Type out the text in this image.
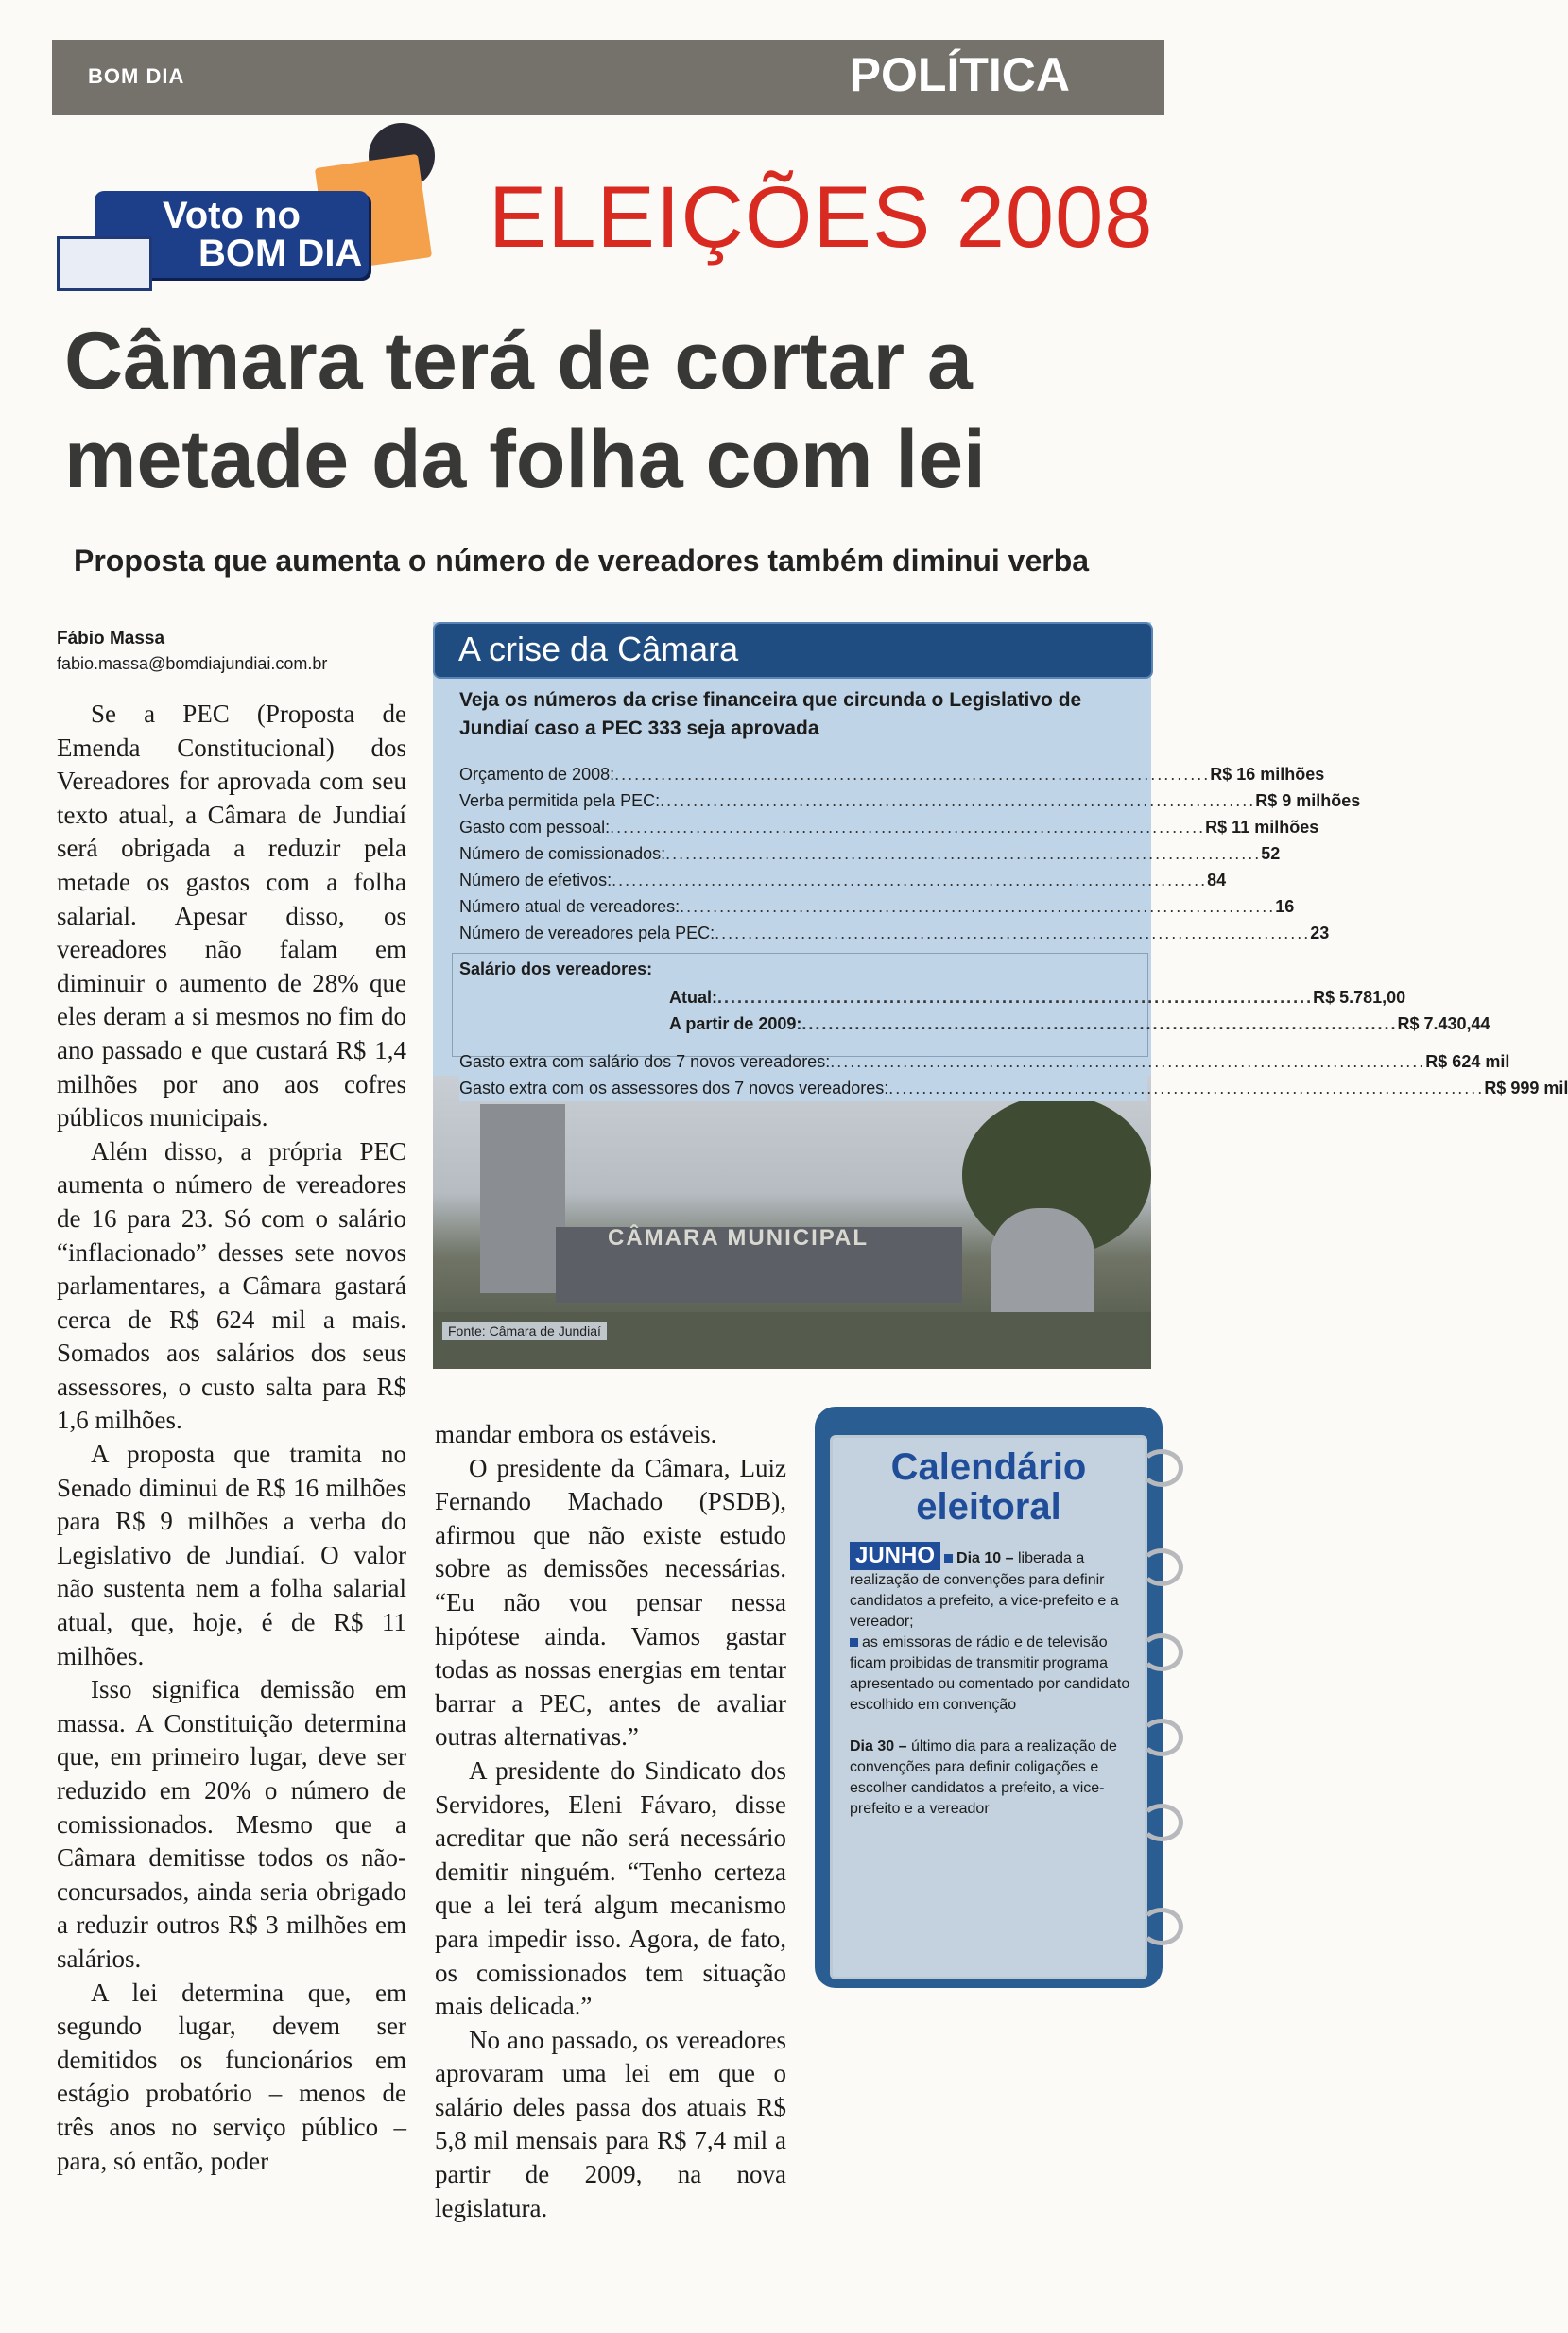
BOM DIA	POLÍTICA
Voto no
BOM DIA ELEIÇÕES 2008
Câmara terá de cortar a
metade da folha com lei
Proposta que aumenta o número de vereadores também diminui verba
Fábio Massa
fabio.massa@bomdiajundiai.com.br

Se a PEC (Proposta de Emenda Constitucional) dos Vereadores for aprovada com seu texto atual, a Câmara de Jundiaí será obrigada a reduzir pela metade os gastos com a folha salarial. Apesar disso, os vereadores não falam em diminuir o aumento de 28% que eles deram a si mesmos no fim do ano passado e que custará R$ 1,4 milhões por ano aos cofres públicos municipais.

Além disso, a própria PEC aumenta o número de vereadores de 16 para 23. Só com o salário “inflacionado” desses sete novos parlamentares, a Câmara gastará cerca de R$ 624 mil a mais. Somados aos salários dos seus assessores, o custo salta para R$ 1,6 milhões.

A proposta que tramita no Senado diminui de R$ 16 milhões para R$ 9 milhões a verba do Legislativo de Jundiaí. O valor não sustenta nem a folha salarial atual, que, hoje, é de R$ 11 milhões.

Isso significa demissão em massa. A Constituição determina que, em primeiro lugar, deve ser reduzido em 20% o número de comissionados. Mesmo que a Câmara demitisse todos os não-concursados, ainda seria obrigado a reduzir outros R$ 3 milhões em salários.

A lei determina que, em segundo lugar, devem ser demitidos os funcionários em estágio probatório – menos de três anos no serviço público – para, só então, poder

A crise da Câmara
Veja os números da crise financeira que circunda o Legislativo de Jundiaí caso a PEC 333 seja aprovada
Orçamento de 2008: .......................................................................................... R$ 16 milhões
Verba permitida pela PEC: .......................................................................................... R$ 9 milhões
Gasto com pessoal: .......................................................................................... R$ 11 milhões
Número de comissionados: .......................................................................................... 52
Número de efetivos: .......................................................................................... 84
Número atual de vereadores: .......................................................................................... 16
Número de vereadores pela PEC: .......................................................................................... 23
Salário dos vereadores:
Atual: .......................................................................................... R$ 5.781,00
A partir de 2009: .......................................................................................... R$ 7.430,44
Gasto extra com salário dos 7 novos vereadores: .......................................................................................... R$ 624 mil
CÂMARA MUNICIPAL
Fonte: Câmara de Jundiaí
Gasto extra com os assessores dos 7 novos vereadores: .......................................................................................... R$ 999 mil

mandar embora os estáveis.

O presidente da Câmara, Luiz Fernando Machado (PSDB), afirmou que não existe estudo sobre as demissões necessárias. “Eu não vou pensar nessa hipótese ainda. Vamos gastar todas as nossas energias em tentar barrar a PEC, antes de avaliar outras alternativas.”

A presidente do Sindicato dos Servidores, Eleni Fávaro, disse acreditar que não será necessário demitir ninguém. “Tenho certeza que a lei terá algum mecanismo para impedir isso. Agora, de fato, os comissionados tem situação mais delicada.”

No ano passado, os vereadores aprovaram uma lei em que o salário deles passa dos atuais R$ 5,8 mil mensais para R$ 7,4 mil a partir de 2009, na nova legislatura.

Calendário
eleitoral
JUNHO Dia 10 – liberada a realização de convenções para definir candidatos a prefeito, a vice-prefeito e a vereador;
as emissoras de rádio e de televisão ficam proibidas de transmitir programa apresentado ou comentado por candidato escolhido em convenção

Dia 30 – último dia para a realização de convenções para definir coligações e escolher candidatos a prefeito, a vice-prefeito e a vereador
